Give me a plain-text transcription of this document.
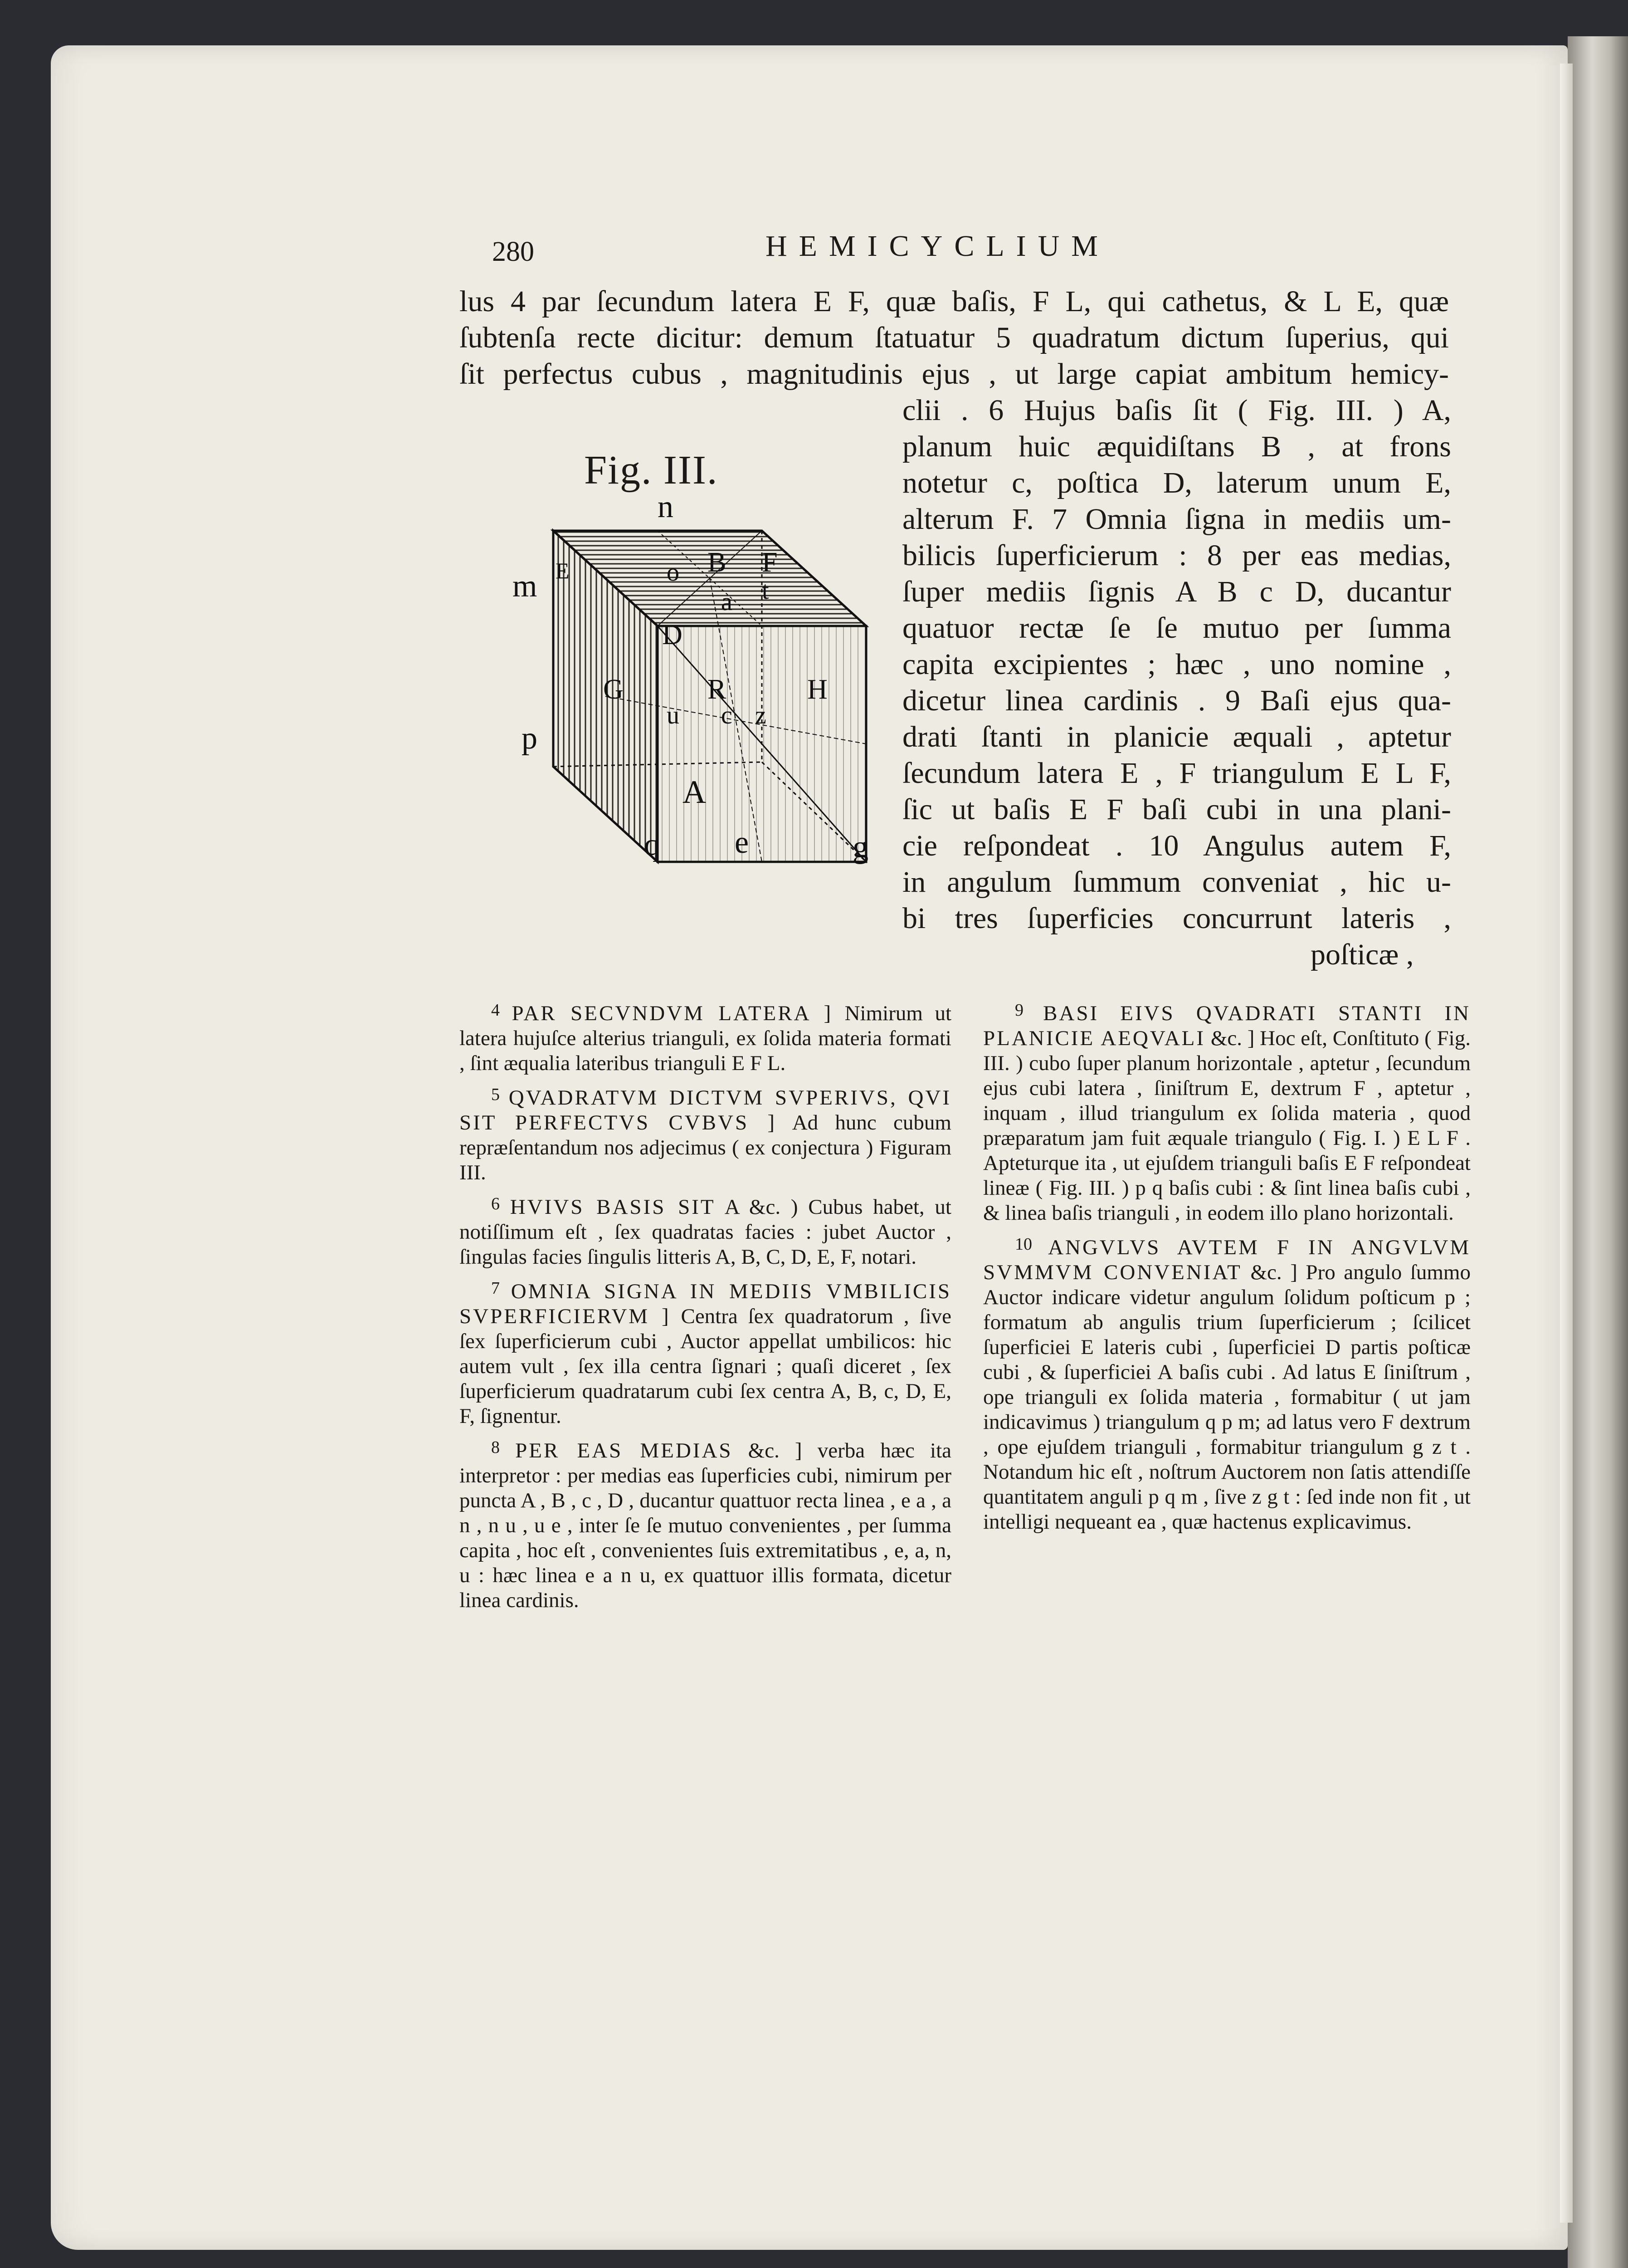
280	HEMICYCLIUM
lus 4 par ſecundum latera E F, quæ baſis, F L, qui cathetus, & L E, quæ
ſubtenſa recte dicitur: demum ſtatuatur 5 quadratum dictum ſuperius, qui
ſit perfectus cubus , magnitudinis ejus , ut large capiat ambitum hemicy-
clii . 6 Hujus baſis ſit ( Fig. III. ) A,
planum huic æquidiſtans B , at frons
notetur c, poſtica D, laterum unum E,
alterum F. 7 Omnia ſigna in mediis um-
bilicis ſuperficierum : 8 per eas medias,
ſuper mediis ſignis A B c D, ducantur
quatuor rectæ ſe ſe mutuo per ſumma
capita excipientes ; hæc , uno nomine ,
dicetur linea cardinis . 9 Baſi ejus qua-
drati ſtanti in planicie æquali , aptetur
ſecundum latera E , F triangulum E L F,
ſic ut baſis E F baſi cubi in una plani-
cie reſpondeat . 10 Angulus autem F,
in angulum ſummum conveniat , hic u-
bi tres ſuperficies concurrunt lateris ,
poſticæ ,
Fig. III.
n
m
p
q e	g
o B F
t
a
D
E
G	R	H
u c z
A

$^4$ PAR SECVNDVM LATERA ] Nimirum ut latera hujuſce alterius trianguli, ex ſolida materia formati , ſint æqualia lateribus trianguli E F L.

$^5$ QVADRATVM DICTVM SVPERIVS, QVI SIT PERFECTVS CVBVS ] Ad hunc cubum repræſentandum nos adjecimus ( ex conjectura ) Figuram III.

$^6$ HVIVS BASIS SIT A &c. ) Cubus habet, ut notiſſimum eſt , ſex quadratas facies : jubet Auctor , ſingulas facies ſingulis litteris A, B, C, D, E, F, notari.

$^7$ OMNIA SIGNA IN MEDIIS VMBILICIS SVPERFICIERVM ] Centra ſex quadratorum , ſive ſex ſuperficierum cubi , Auctor appellat umbilicos: hic autem vult , ſex illa centra ſignari ; quaſi diceret , ſex ſuperficierum quadratarum cubi ſex centra A, B, c, D, E, F, ſignentur.

$^8$ PER EAS MEDIAS &c. ] verba hæc ita interpretor : per medias eas ſuperficies cubi, nimirum per puncta A , B , c , D , ducantur quattuor recta linea , e a , a n , n u , u e , inter ſe ſe mutuo convenientes , per ſumma capita , hoc eſt , convenientes ſuis extremitatibus , e, a, n, u : hæc linea e a n u, ex quattuor illis formata, dicetur linea cardinis.

$^9$ BASI EIVS QVADRATI STANTI IN PLANICIE AEQVALI &c. ] Hoc eſt, Conſtituto ( Fig. III. ) cubo ſuper planum horizontale , aptetur , ſecundum ejus cubi latera , ſiniſtrum E, dextrum F , aptetur , inquam , illud triangulum ex ſolida materia , quod præparatum jam fuit æquale triangulo ( Fig. I. ) E L F . Apteturque ita , ut ejuſdem trianguli baſis E F reſpondeat lineæ ( Fig. III. ) p q baſis cubi : & ſint linea baſis cubi , & linea baſis trianguli , in eodem illo plano horizontali.

$^{10}$ ANGVLVS AVTEM F IN ANGVLVM SVMMVM CONVENIAT &c. ] Pro angulo ſummo Auctor indicare videtur angulum ſolidum poſticum p ; formatum ab angulis trium ſuperficierum ; ſcilicet ſuperficiei E lateris cubi , ſuperficiei D partis poſticæ cubi , & ſuperficiei A baſis cubi . Ad latus E ſiniſtrum , ope trianguli ex ſolida materia , formabitur ( ut jam indicavimus ) triangulum q p m; ad latus vero F dextrum , ope ejuſdem trianguli , formabitur triangulum g z t . Notandum hic eſt , noſtrum Auctorem non ſatis attendiſſe quantitatem anguli p q m , ſive z g t : ſed inde non fit , ut intelligi nequeant ea , quæ hactenus explicavimus.
